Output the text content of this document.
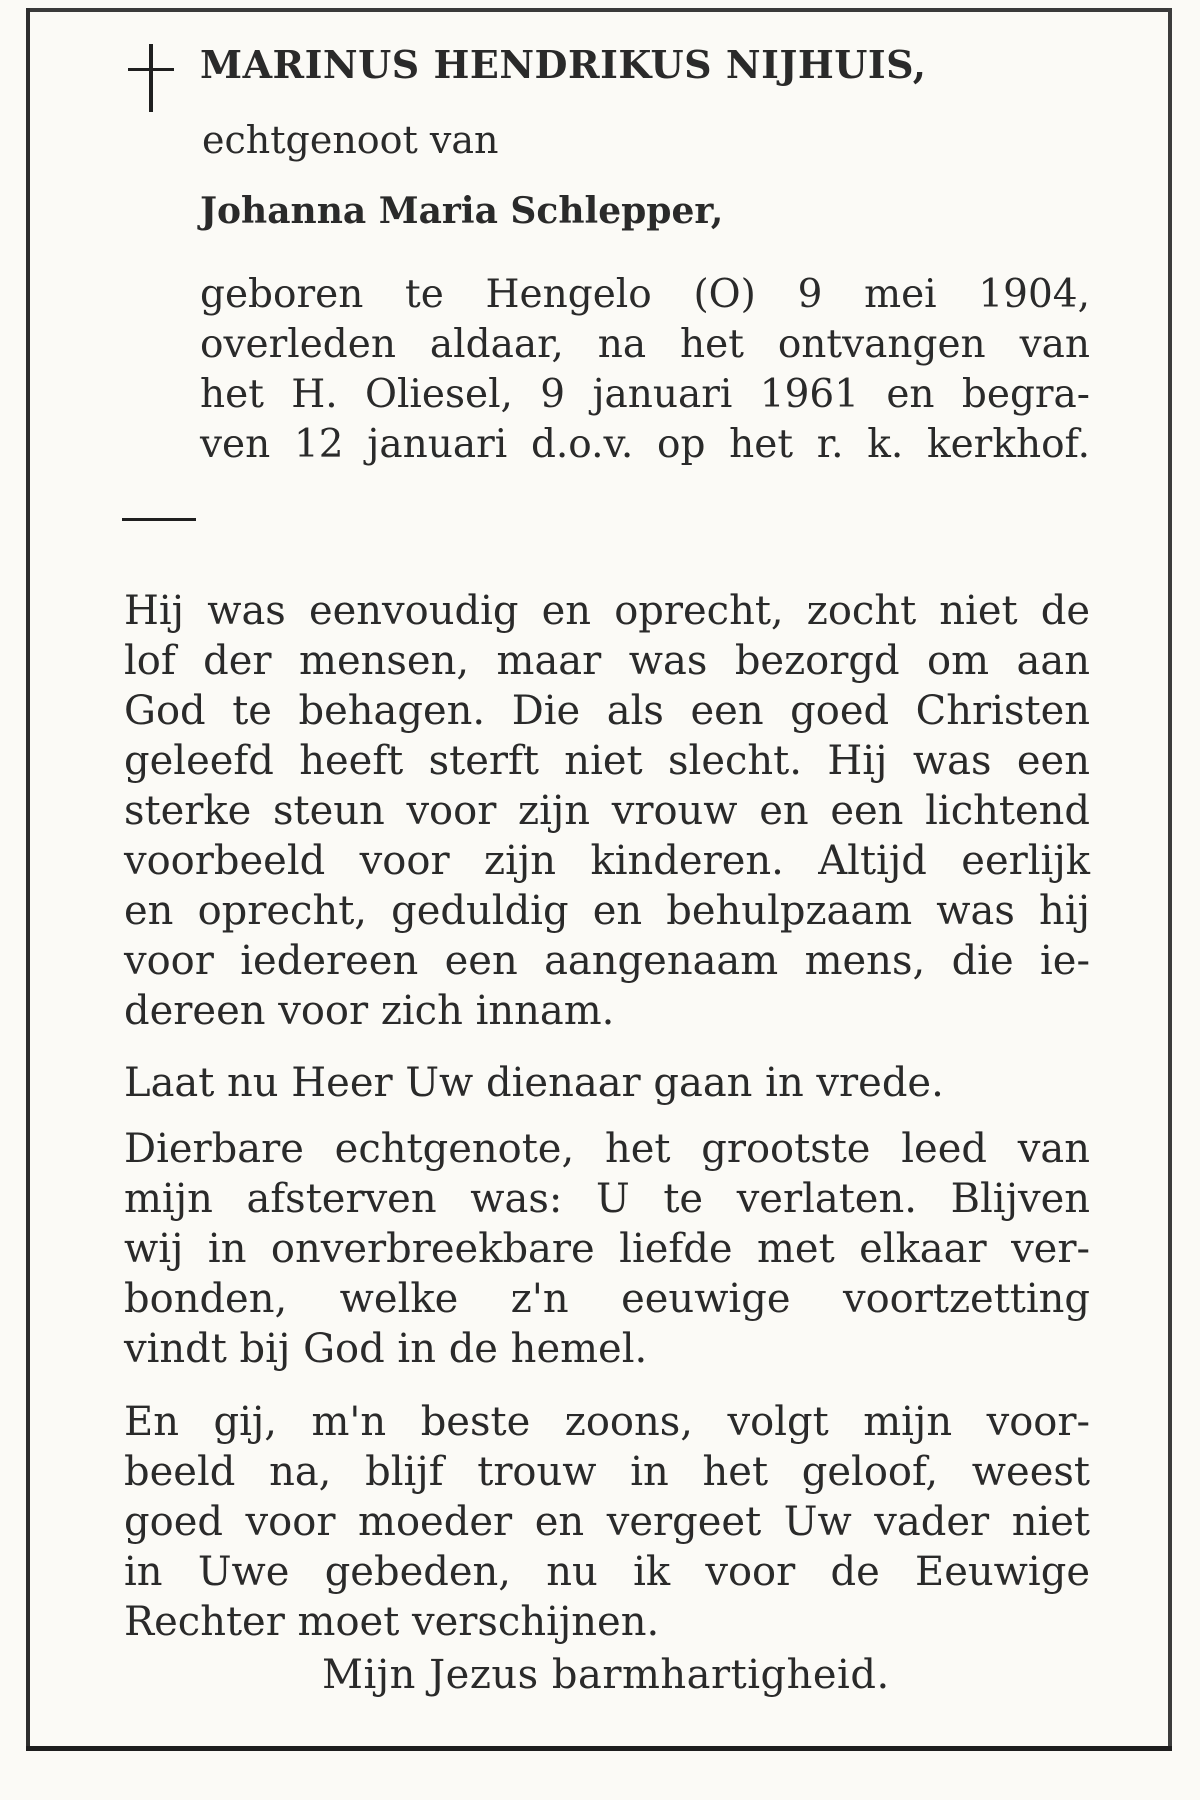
MARINUS HENDRIKUS NIJHUIS,
echtgenoot van
Johanna Maria Schlepper,
geboren te Hengelo (O) 9 mei 1904,
overleden aldaar, na het ontvangen van
het H. Oliesel, 9 januari 1961 en begra-
ven 12 januari d.o.v. op het r. k. kerkhof.
Hij was eenvoudig en oprecht, zocht niet de
lof der mensen, maar was bezorgd om aan
God te behagen. Die als een goed Christen
geleefd heeft sterft niet slecht. Hij was een
sterke steun voor zijn vrouw en een lichtend
voorbeeld voor zijn kinderen. Altijd eerlijk
en oprecht, geduldig en behulpzaam was hij
voor iedereen een aangenaam mens, die ie-
dereen voor zich innam.
Laat nu Heer Uw dienaar gaan in vrede.
Dierbare echtgenote, het grootste leed van
mijn afsterven was: U te verlaten. Blijven
wij in onverbreekbare liefde met elkaar ver-
bonden, welke z'n eeuwige voortzetting
vindt bij God in de hemel.
En gij, m'n beste zoons, volgt mijn voor-
beeld na, blijf trouw in het geloof, weest
goed voor moeder en vergeet Uw vader niet
in Uwe gebeden, nu ik voor de Eeuwige
Rechter moet verschijnen.
Mijn Jezus barmhartigheid.
